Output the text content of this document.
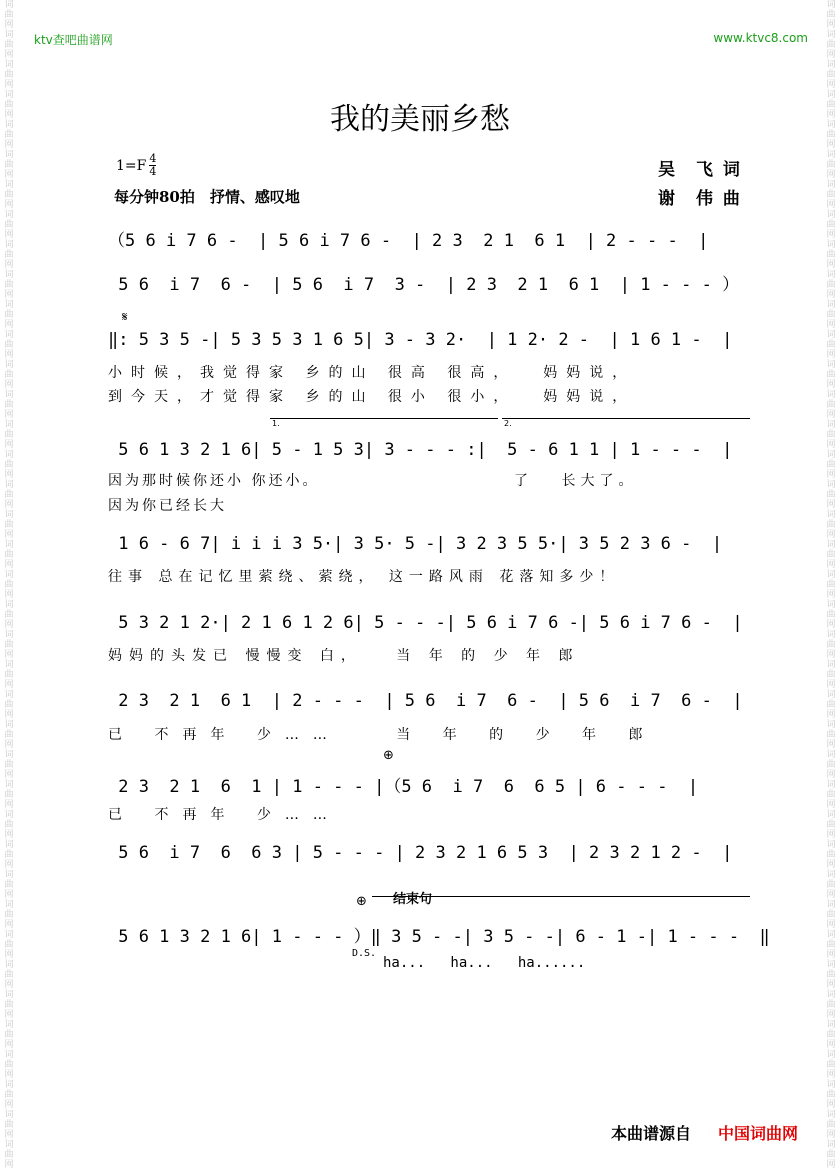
词曲网词曲网词曲网词曲网词曲网词曲网词曲网词曲网词曲网词曲网词曲网词曲网词曲网词曲网词曲网词曲网词曲网词曲网词曲网词曲网词曲网词曲网词曲网词曲网词曲网词曲网词曲网词曲网词曲网词曲网词曲网词曲网词曲网词曲网词曲网词曲网词曲网词曲网词曲网
词曲网词曲网词曲网词曲网词曲网词曲网词曲网词曲网词曲网词曲网词曲网词曲网词曲网词曲网词曲网词曲网词曲网词曲网词曲网词曲网词曲网词曲网词曲网词曲网词曲网词曲网词曲网词曲网词曲网词曲网词曲网词曲网词曲网词曲网词曲网词曲网词曲网词曲网词曲网
ktv查吧曲谱网	www.ktvc8.com
我的美丽乡愁
$1=F \frac{4}{4}$
每分钟80拍　抒情、感叹地
吴　飞 词
谢　伟 曲
（5 6 i 7 6 -  | 5 6 i 7 6 -  | 2 3  2 1  6 1  | 2 - - -  |
5 6  i 7  6 -  | 5 6  i 7  3 -  | 2 3  2 1  6 1  | 1 - - - ）
𝄋
‖: 5 3 5 -| 5 3 5 3 1 6 5| 3 - 3 2·  | 1 2· 2 -  | 1 6 1 -  |
小时候，我觉得家 乡的山 很高 很高，  妈妈说，
到今天，才觉得家 乡的山 很小 很小，  妈妈说，
1.	2.
5 6 1 3 2 1 6| 5 - 1 5 3| 3 - - - :|  5 - 6 1 1 | 1 - - -  |
因为那时候你还小 你还小。	了　 长大了。
因为你已经长大
1 6 - 6 7| i i i 3 5·| 3 5· 5 -| 3 2 3 5 5·| 3 5 2 3 6 -  |
往事 总在记忆里萦绕、萦绕， 这一路风雨 花落知多少！
5 3 2 1 2·| 2 1 6 1 2 6| 5 - - -| 5 6 i 7 6 -| 5 6 i 7 6 -  |
妈妈的头发已 慢慢变 白，   当 年 的 少 年 郎
2 3  2 1  6 1  | 2 - - -  | 5 6  i 7  6 -  | 5 6  i 7  6 -  |
已 不再年 少……   当 年 的 少 年 郎
⊕
2 3  2 1  6  1 | 1 - - - |（5 6  i 7  6  6 5 | 6 - - -  |
已 不再年 少……
5 6  i 7  6  6 3 | 5 - - - | 2 3 2 1 6 5 3  | 2 3 2 1 2 -  |
⊕ 结束句
5 6 1 3 2 1 6| 1 - - - ）‖ 3 5 - -| 3 5 - -| 6 - 1 -| 1 - - -  ‖
D.S.
ha...   ha...   ha......
本曲谱源自 中国词曲网
